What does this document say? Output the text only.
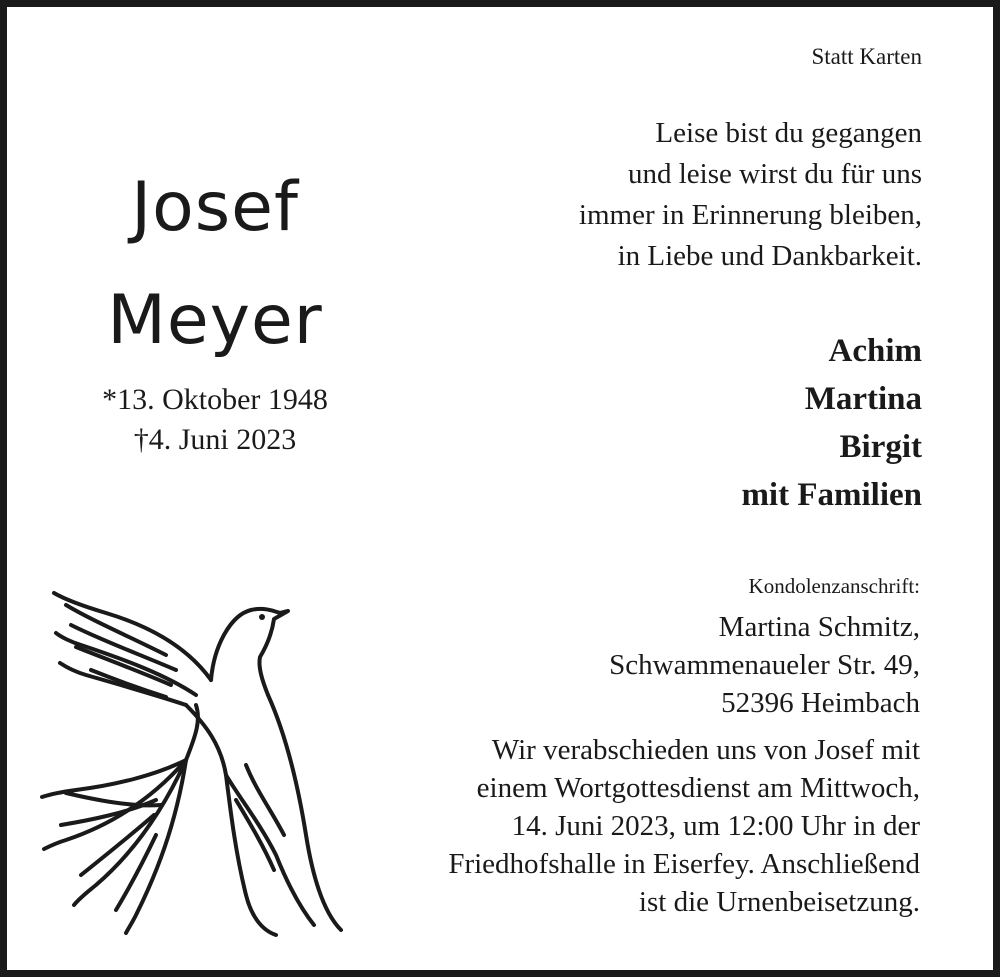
Statt Karten
Leise bist du gegangen
und leise wirst du für uns
immer in Erinnerung bleiben,
in Liebe und Dankbarkeit.
Josef
Meyer
*13. Oktober 1948
†4. Juni 2023
Achim
Martina
Birgit
mit Familien
Kondolenzanschrift:
Martina Schmitz,
Schwammenaueler Str. 49,
52396 Heimbach
Wir verabschieden uns von Josef mit
einem Wortgottesdienst am Mittwoch,
14. Juni 2023, um 12:00 Uhr in der
Friedhofshalle in Eiserfey. Anschließend
ist die Urnenbeisetzung.
